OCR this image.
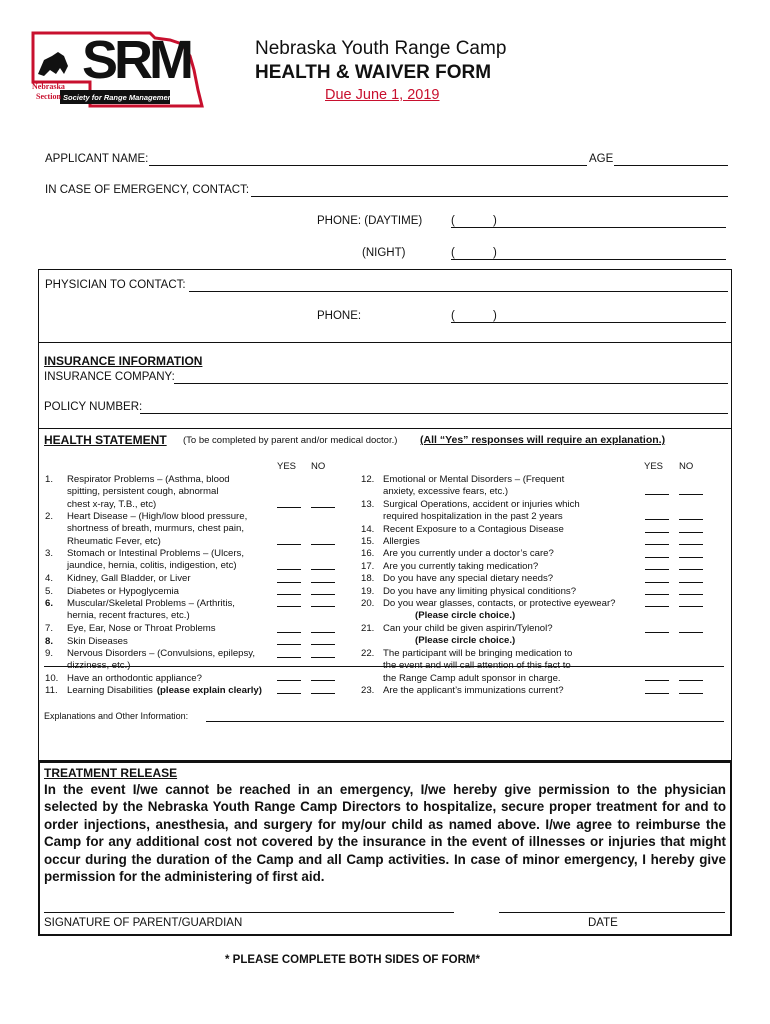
SRM
Nebraska
Section Society for Range Management
Nebraska Youth Range Camp
HEALTH & WAIVER FORM
Due June 1, 2019
APPLICANT NAME:	AGE
IN CASE OF EMERGENCY, CONTACT:
PHONE: (DAYTIME)	(	)
(NIGHT)	(	)
PHYSICIAN TO CONTACT:
PHONE:	(	)
INSURANCE INFORMATION
INSURANCE COMPANY:
POLICY NUMBER:
HEALTH STATEMENT (To be completed by parent and/or medical doctor.) (All “Yes” responses will require an explanation.)
YES NO	YES NO
1. Respirator Problems – (Asthma, blood
spitting, persistent cough, abnormal
chest x-ray, T.B., etc)
2. Heart Disease – (High/low blood pressure,
shortness of breath, murmurs, chest pain,
Rheumatic Fever, etc)
3. Stomach or Intestinal Problems – (Ulcers,
jaundice, hernia, colitis, indigestion, etc)
4. Kidney, Gall Bladder, or Liver
5. Diabetes or Hypoglycemia
6. Muscular/Skeletal Problems – (Arthritis,
hernia, recent fractures, etc.)
7. Eye, Ear, Nose or Throat Problems
8. Skin Diseases
9. Nervous Disorders – (Convulsions, epilepsy,
dizziness, etc.)
10. Have an orthodontic appliance?
11. Learning Disabilities (please explain clearly)
12. Emotional or Mental Disorders – (Frequent
anxiety, excessive fears, etc.)
13. Surgical Operations, accident or injuries which
required hospitalization in the past 2 years
14. Recent Exposure to a Contagious Disease
15. Allergies
16. Are you currently under a doctor’s care?
17. Are you currently taking medication?
18. Do you have any special dietary needs?
19. Do you have any limiting physical conditions?
20. Do you wear glasses, contacts, or protective eyewear?
(Please circle choice.)
21. Can your child be given aspirin/Tylenol?
(Please circle choice.)
22. The participant will be bringing medication to
the event and will call attention of this fact to
the Range Camp adult sponsor in charge.
23. Are the applicant’s immunizations current?
Explanations and Other Information:
TREATMENT RELEASE
In the event I/we cannot be reached in an emergency, I/we hereby give permission to the physician selected by the Nebraska Youth Range Camp Directors to hospitalize, secure proper treatment for and to order injections, anesthesia, and surgery for my/our child as named above. I/we agree to reimburse the Camp for any additional cost not covered by the insurance in the event of illnesses or injuries that might occur during the duration of the Camp and all Camp activities. In case of minor emergency, I hereby give permission for the administering of first aid.
SIGNATURE OF PARENT/GUARDIAN	DATE
* PLEASE COMPLETE BOTH SIDES OF FORM*
